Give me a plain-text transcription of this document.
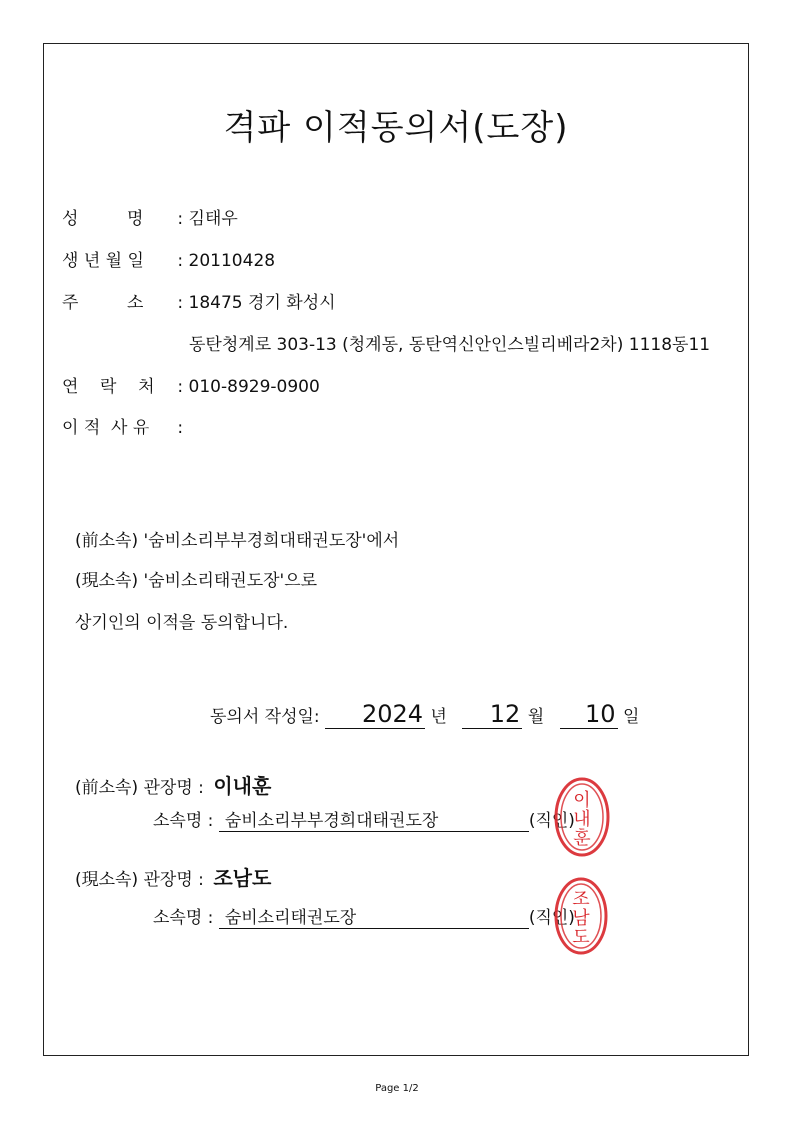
격파 이적동의서(도장)
성         명 : 김태우
생 년 월 일 : 20110428
주         소 : 18475 경기 화성시
동탄청계로 303-13 (청계동, 동탄역신안인스빌리베라2차) 1118동11
연    락    처 : 010-8929-0900
이 적  사 유 :
(前소속) '숨비소리부부경희대태권도장'에서
(現소속) '숨비소리태권도장'으로
상기인의 이적을 동의합니다.
동의서 작성일: 2024 년 12 월 10 일
(前소속) 관장명 : 이내훈
소속명 : 숨비소리부부경희대태권도장	(직인)
이
내
훈
(現소속) 관장명 : 조남도
소속명 : 숨비소리태권도장	(직인)
조
남
도
Page 1/2
